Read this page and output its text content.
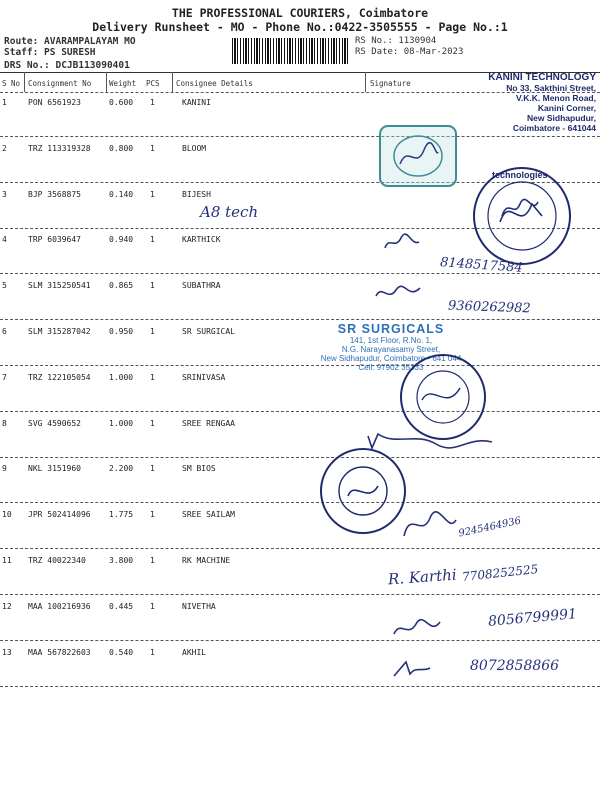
THE PROFESSIONAL COURIERS, Coimbatore
Delivery Runsheet - MO - Phone No.:0422-3505555 - Page No.:1
Route: AVARAMPALAYAM MO
Staff: PS SURESH
DRS No.: DCJB113090401
RS No.: 1130904
RS Date: 08-Mar-2023
S No Consignment No Weight PCS Consignee Details	Signature
1	PON 6561923	0.600 1	KANINI
2	TRZ 113319328 0.800 1	BLOOM
3	BJP 3568875	0.140 1	BIJESH
4	TRP 6039647	0.940 1	KARTHICK
5	SLM 315250541 0.865 1	SUBATHRA
6	SLM 315287042 0.950 1	SR SURGICAL
7	TRZ 122105054 1.000 1	SRINIVASA
8	SVG 4590652	1.000 1	SREE RENGAA
9	NKL 3151960	2.200 1	SM BIOS
10 JPR 502414096 1.775 1	SREE SAILAM
11 TRZ 40022340	3.800 1	RK MACHINE
12 MAA 100216936 0.445 1	NIVETHA
13 MAA 567822603 0.540 1	AKHIL
KANINI TECHNOLOGY
No 33, Sakthini Street,
V.K.K. Menon Road,
Kanini Corner,
New Sidhapudur,
Coimbatore - 641044
technologies
SR SURGICALS
141, 1st Floor, R.No. 1,
N.G. Narayanasamy Street,
New Sidhapudur, Coimbatore - 641 044
Cell: 97902 35333
A8 tech
8148517584
9360262982
9245464936
R. Karthi 7708252525
8056799991
8072858866
